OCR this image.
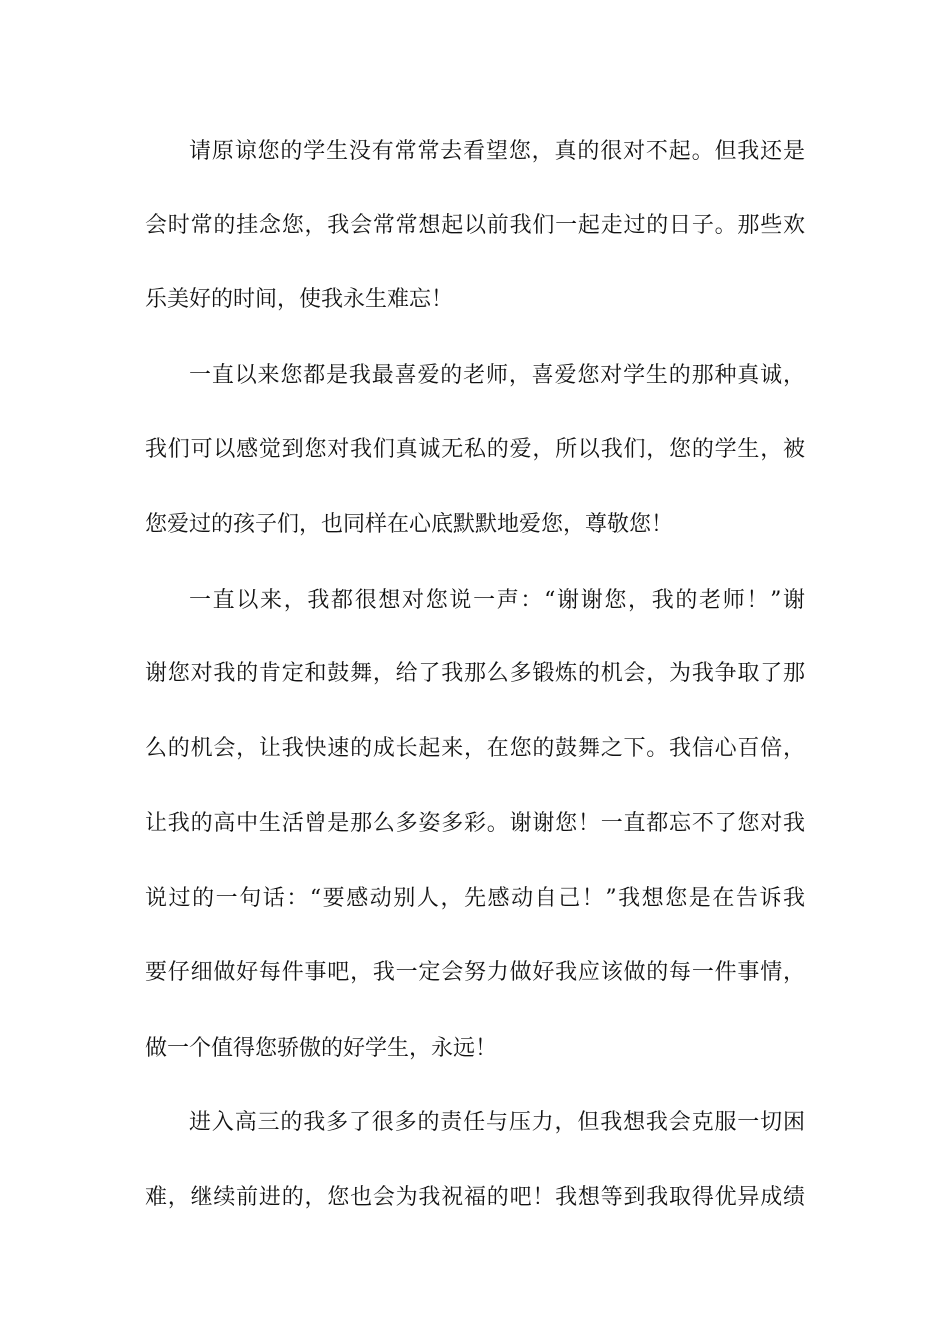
请原谅您的学生没有常常去看望您，真的很对不起。但我还是
会时常的挂念您，我会常常想起以前我们一起走过的日子。那些欢
乐美好的时间，使我永生难忘！
一直以来您都是我最喜爱的老师，喜爱您对学生的那种真诚，
我们可以感觉到您对我们真诚无私的爱，所以我们，您的学生，被
您爱过的孩子们，也同样在心底默默地爱您，尊敬您！
一直以来，我都很想对您说一声：“谢谢您，我的老师！”谢
谢您对我的肯定和鼓舞，给了我那么多锻炼的机会，为我争取了那
么的机会，让我快速的成长起来，在您的鼓舞之下。我信心百倍，
让我的高中生活曾是那么多姿多彩。谢谢您！一直都忘不了您对我
说过的一句话：“要感动别人，先感动自己！”我想您是在告诉我
要仔细做好每件事吧，我一定会努力做好我应该做的每一件事情，
做一个值得您骄傲的好学生，永远！
进入高三的我多了很多的责任与压力，但我想我会克服一切困
难，继续前进的，您也会为我祝福的吧！我想等到我取得优异成绩
